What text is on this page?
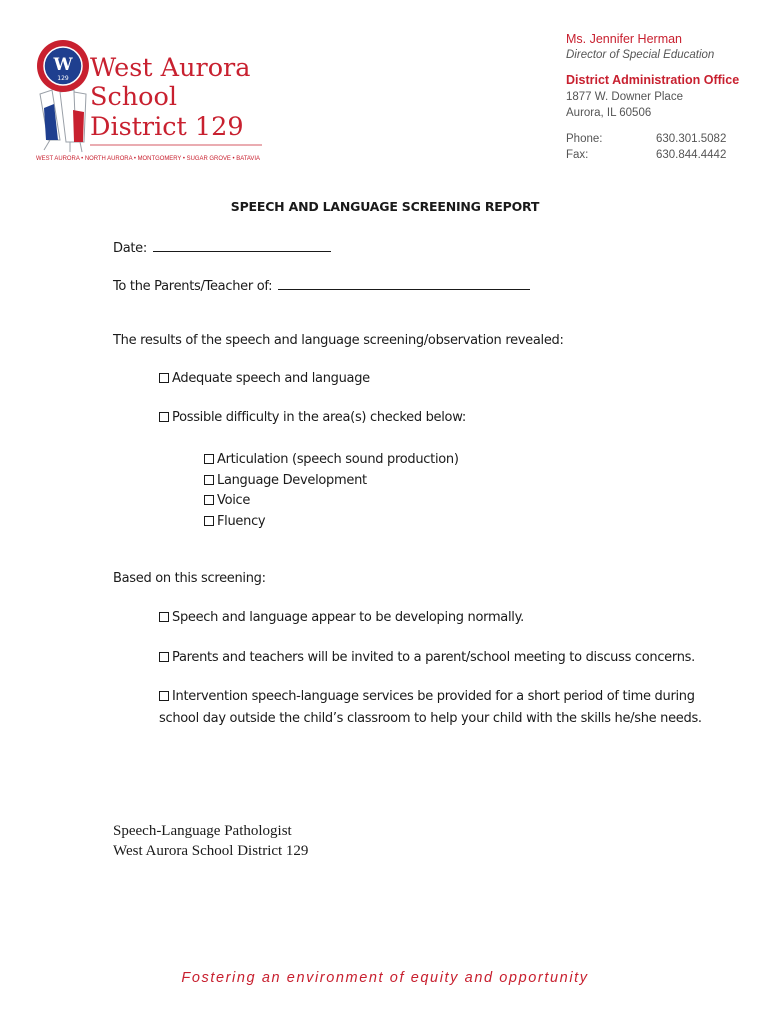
W
129 West Aurora
School
District 129
WEST AURORA • NORTH AURORA • MONTGOMERY • SUGAR GROVE • BATAVIA
Ms. Jennifer Herman
Director of Special Education
District Administration Office
1877 W. Downer Place
Aurora, IL 60506
Phone:	630.301.5082
Fax:	630.844.4442
SPEECH AND LANGUAGE SCREENING REPORT
Date:
To the Parents/Teacher of:
The results of the speech and language screening/observation revealed:
Adequate speech and language
Possible difficulty in the area(s) checked below:
Articulation (speech sound production)
Language Development
Voice
Fluency
Based on this screening:
Speech and language appear to be developing normally.
Parents and teachers will be invited to a parent/school meeting to discuss concerns.
Intervention speech-language services be provided for a short period of time during
school day outside the child’s classroom to help your child with the skills he/she needs.
Speech-Language Pathologist
West Aurora School District 129
Fostering an environment of equity and opportunity
